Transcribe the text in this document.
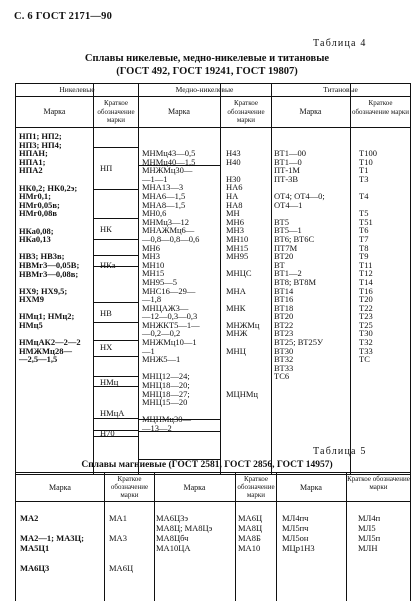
С. 6 ГОСТ 2171—90
Таблица 4
Сплавы никелевые, медно-никелевые и титановые
(ГОСТ 492, ГОСТ 19241, ГОСТ 19807)
Никелевые	Медно-никелевые	Титановые
Марка
Краткое обозначение марки
Марка
Краткое обозначение марки
Марка
Краткое обозначение марки
НП1; НП2;
НП3; НП4;
НПАН;
НПА1;
НПА2

НК0,2; НК0,2э;
НМг0,1;
НМг0,05в;
НМг0,08в

НКа0,08;
НКа0,13

НВ3; НВ3в;
НВМг3—0,05В;
НВМг3—0,08в;

НХ9; НХ9,5;
НХМ9

НМц1; НМц2;
НМц5

НМцАК2—2—2
НМЖМц28—
—2,5—1,5
НП
НК
НКа
НВ
НХ
НМц
НМцА
Н70
МНМц43—0,5
МНМц40—1,5
МНЖМц30—
—1—1
МНА13—3
МНА6—1,5
МНА8—1,5
МН0,6
МНМц3—12
МНАЖМц6—
—0,8—0,8—0,6
МН6
МН3
МН10
МН15
МН95—5
МНС16—29—
—1,8
МНЦАЖ3—
—12—0,3—0,3
МНЖКТ5—1—
—0,2—0,2
МНЖМц10—1
—1
МНЖ5—1

МНЦ12—24;
МНЦ18—20;
МНЦ18—27;
МНЦ15—20

МЦНМц30—
—13—2
Н43
Н40

Н30
НА6
НА
НА8
МН
МН6
МН3
МН10
МН15
МН95

МНЦС

МНА

МНК

МНЖМц
МНЖ

МНЦ

МЦНМц
ВТ1—00
ВТ1—0
ПТ-1М
ПТ-3В

ОТ4; ОТ4—0;
ОТ4—1

ВТ5
ВТ5—1
ВТ6; ВТ6С
ПТ7М
ВТ20
ВТ
ВТ1—2
ВТ8; ВТ8М
ВТ14
ВТ16
ВТ18
ВТ20
ВТ22
ВТ23
ВТ25; ВТ25У
ВТ30
ВТ32
ВТ33
ТС6
Т100
Т10
Т1
Т3

Т4

Т5
Т51
Т6
Т7
Т8
Т9
Т11
Т12
Т14
Т16
Т20
Т22
Т23
Т25
Т30
Т32
Т33
ТС
Таблица 5
Сплавы магниевые (ГОСТ 2581, ГОСТ 2856, ГОСТ 14957)
Марка
Краткое обозначение марки
Марка
Краткое обозначение марки
Марка
Краткое обозначение марки
МА2

МА2—1; МА3Ц;
МА5Ц1

МА6Ц3
МА1

МА3

МА6Ц
МА6Ц3э
МА8Ц; МА8Цэ
МА8Цбч
МА10ЦА
МА6Ц
МА8Ц
МА8Б
МА10
МЛ4пч
МЛ5пч
МЛ5он
МЦр1Н3
МЛ4п
МЛ5
МЛ5п
МЛН
